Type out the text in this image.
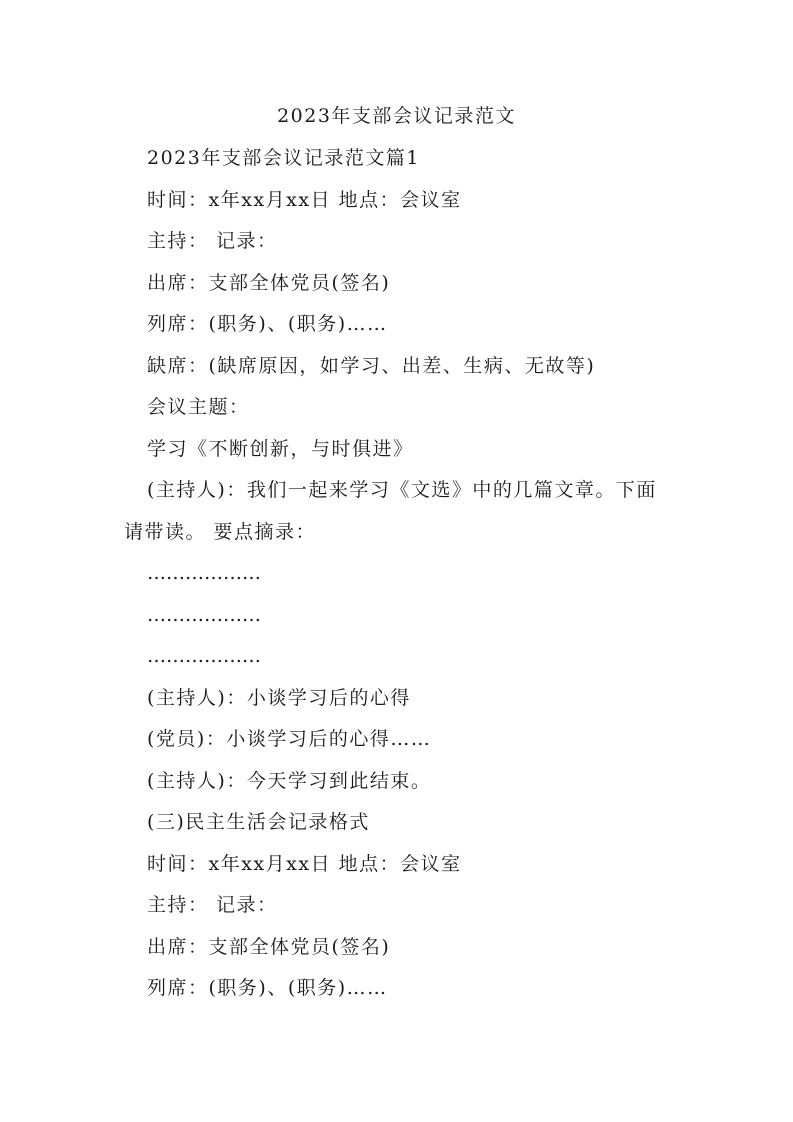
2023年支部会议记录范文
2023年支部会议记录范文篇1
时间：x年xx月xx日 地点：会议室
主持： 记录：
出席：支部全体党员(签名)
列席：(职务)、(职务)……
缺席：(缺席原因，如学习、出差、生病、无故等)
会议主题：
学习《不断创新，与时俱进》
(主持人)：我们一起来学习《文选》中的几篇文章。下面请带读。 要点摘录：
………………
………………
………………
(主持人)：小谈学习后的心得
(党员)：小谈学习后的心得……
(主持人)：今天学习到此结束。
(三)民主生活会记录格式
时间：x年xx月xx日 地点：会议室
主持： 记录：
出席：支部全体党员(签名)
列席：(职务)、(职务)……
